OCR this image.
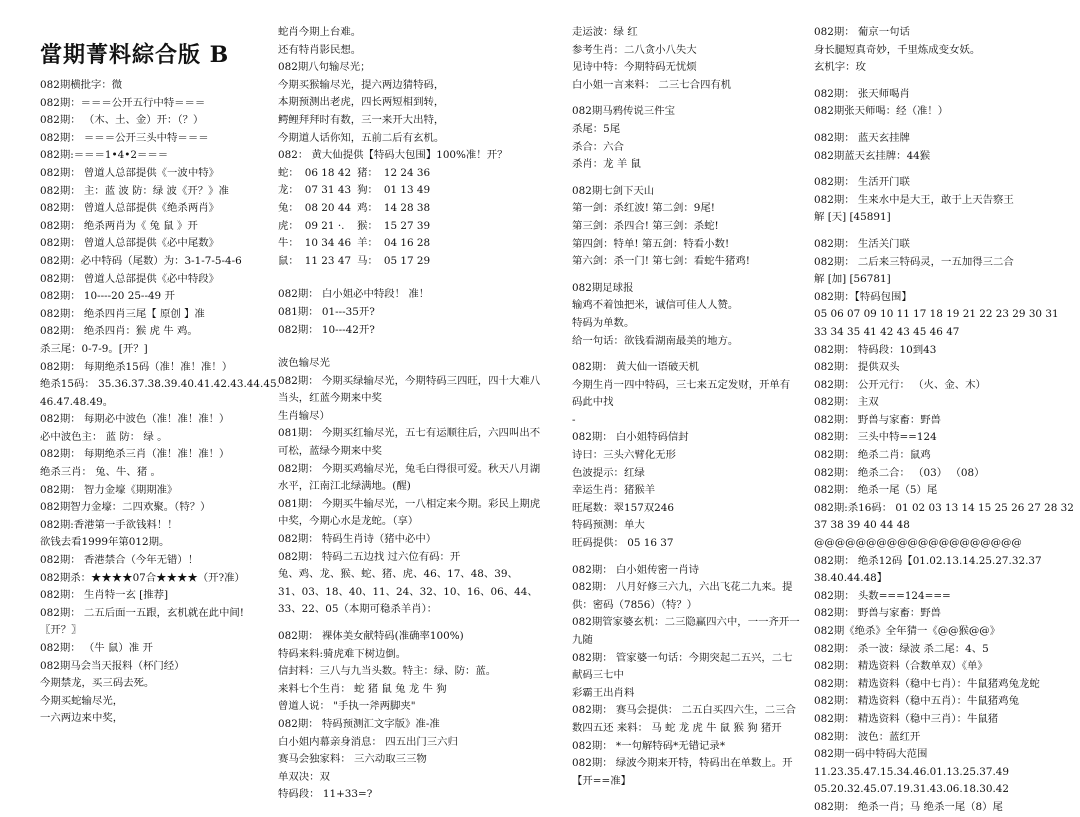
當期菁料綜合版 B
082期横批字：微
082期：＝＝＝公开五行中特＝＝＝
082期： （木、土、金）开：（？）
082期： ＝＝＝公开三头中特＝＝＝
082期:＝＝＝1•4•2＝＝＝
082期： 曾道人总部提供《一波中特》
082期： 主：蓝 波 防：绿 波《开？》准
082期： 曾道人总部提供《绝杀两肖》
082期： 绝杀两肖为《 兔 鼠 》开
082期： 曾道人总部提供《必中尾数》
082期：必中特码（尾数）为：3-1-7-5-4-6
082期： 曾道人总部提供《必中特段》
082期： 10----20 25--49 开
082期： 绝杀四肖三尾【 原创 】准
082期： 绝杀四肖：猴 虎 牛 鸡。
杀三尾：0-7-9。[开？]
082期： 每期绝杀15码（准！准！准！）
绝杀15码： 35.36.37.38.39.40.41.42.43.44.45.
46.47.48.49。
082期： 每期必中波色（准！准！准！）
必中波色主： 蓝 防： 绿 。
082期： 每期绝杀三肖（准！准！准！）
绝杀三肖： 兔、牛、猪 。
082期： 智力金壕《期期准》
082期智力金壕：二四欢聚。（特？）
082期:香港第一手欲钱料！！
欲钱去看1999年第012期。
082期： 香港禁合（今年无错）！
082期杀：★★★★07合★★★★（开?准）
082期： 生肖特一玄 [推荐]
082期： 二五后面一五跟，玄机就在此中间!
〖开？〗
082期： （牛 鼠）准 开
082期马会当天报料（杯门经）
今期禁龙，买三码去死。
今期买蛇输尽光，
一六两边来中奖，
蛇肖今期上台难。
还有特肖影民想。
082期八句输尽光；
今期买猴输尽光，提六两边猜特码，
本期预测出老虎，四长两短相到转，
鳄鲤拜拜时有数，三一来开大出特，
今期道人话你知，五前二后有玄机。
082： 黄大仙提供【特码大包围】100%准！开？
蛇：	06 18 42	猪：	12 24 36
龙：	07 31 43	狗：	01 13 49
兔：	08 20 44	鸡：	14 28 38
虎：	09 21 ·.	猴：	15 27 39
牛：	10 34 46	羊：	04 16 28
鼠：	11 23 47	马：	05 17 29
082期： 白小姐必中特段！ 准！
081期： 01---35开?
082期： 10---42开?
波色输尽光
082期： 今期买绿输尽光，今期特码三四旺，四十大难八
当头，红蓝今期来中奖
生肖输尽）
081期： 今期买红输尽光，五七有运顺往后，六四叫出不
可松，蓝绿今期来中奖
082期： 今期买鸡输尽光，兔毛白得很可爱。秋天八月湖
水平，江南江北绿满地。(醒)
081期： 今期买牛输尽光，一八相定来今期。彩民上期虎
中奖，今期心水是龙蛇。（享）
082期： 特码生肖诗（猪中必中）
082期： 特码二五边找 过六位有码：开
兔、鸡、龙、猴、蛇、猪、虎、46、17、48、39、
31、03、18、40、11、24、32、10、16、06、44、
33、22、05（本期可稳杀羊肖）：
082期： 裸体美女献特码(准确率100%)
特码来料:骑虎难下树边倒。
信封料：三八与九当头数。特主：绿、防：蓝。
来料七个生肖： 蛇 猪 鼠 兔 龙 牛 狗
曾道人说： "手执一斧两脚夹"
082期： 特码预测汇文字版》准-准
白小姐内幕亲身消息： 四五出门三六归
赛马会独家料： 三六动取三三物
单双决：双
特码段： 11+33=?
走运波：绿 红
参考生肖：二八贪小八失大
见诗中特：今期特码无忧烦
白小姐一言来料： 二三七合四有机
082期马鸦传说三件宝
杀尾：5尾
杀合：六合
杀肖：龙 羊 鼠
082期七剑下天山
第一剑：杀红波! 第二剑：9尾!
第三剑：杀四合! 第三剑：杀蛇!
第四剑：特单! 第五剑：特看小数!
第六剑：杀一门! 第七剑：看蛇牛猪鸡!
082期足球报
输鸡不着蚀把米，诚信可佳人人赞。
特码为单数。
给一句话：欲钱看湖南最美的地方。
082期： 黄大仙一语破天机
今期生肖一四中特码，三七来五定发财，开单有
码此中找
-
082期： 白小姐特码信封
诗曰：三头六臂化无形
色波提示：红绿
幸运生肖：猪猴羊
旺尾数：翠157双246
特码预测：单大
旺码提供： 05 16 37
082期： 白小姐传密一肖诗
082期： 八月好修三六九，六出飞花二九来。提
供：密码（7856）（特？）
082期管家婆玄机：二三隐赢四六中，一一齐开一
九随
082期： 管家婆一句话：今期突起二五兴，二七
献码三七中
彩霸王出肖料
082期： 赛马会提供： 二五白买四六生，二三合
数四五还 来料： 马 蛇 龙 虎 牛 鼠 猴 狗 猪开
082期： *一句解特码*无错记录*
082期： 绿波今期来开特，特码出在单数上。开
【开==准】
082期： 葡京一句话
身长腿短真奇妙，千里炼成变女妖。
玄机字：玫
082期： 张天师喝肖
082期张天师喝：经（准！）
082期： 蓝天玄挂牌
082期蓝天玄挂牌：44猴
082期： 生活开门联
082期： 生来水中是大王，敢于上天告察王
解 [天] [45891]
082期： 生活关门联
082期： 二后来三特码灵，一五加得三二合
解 [加] [56781]
082期：【特码包围】
05 06 07 09 10 11 17 18 19 21 22 23 29 30 31
33 34 35 41 42 43 45 46 47
082期： 特码段：10到43
082期： 提供双头
082期： 公开元行： （火、金、木）
082期： 主双
082期： 野兽与家畜：野兽
082期： 三头中特==124
082期： 绝杀二肖：鼠鸡
082期： 绝杀二合： （03） （08）
082期： 绝杀一尾（5）尾
082期:杀16码： 01 02 03 13 14 15 25 26 27 28 32
37 38 39 40 44 48
@@@@@@@@@@@@@@@@@@@@
082期： 绝杀12码【01.02.13.14.25.27.32.37
38.40.44.48】
082期： 头数===124===
082期： 野兽与家畜：野兽
082期《绝杀》全年猜一《@@猴@@》
082期： 杀一波：绿波 杀二尾：4、5
082期： 精选资料（合数单双）《单》
082期： 精选资料（稳中七肖）：牛鼠猪鸡兔龙蛇
082期： 精选资料（稳中五肖）：牛鼠猪鸡兔
082期： 精选资料（稳中三肖）：牛鼠猪
082期： 波色：蓝红开
082期一码中特码大范围
11.23.35.47.15.34.46.01.13.25.37.49
05.20.32.45.07.19.31.43.06.18.30.42
082期： 绝杀一肖；马 绝杀一尾（8）尾
